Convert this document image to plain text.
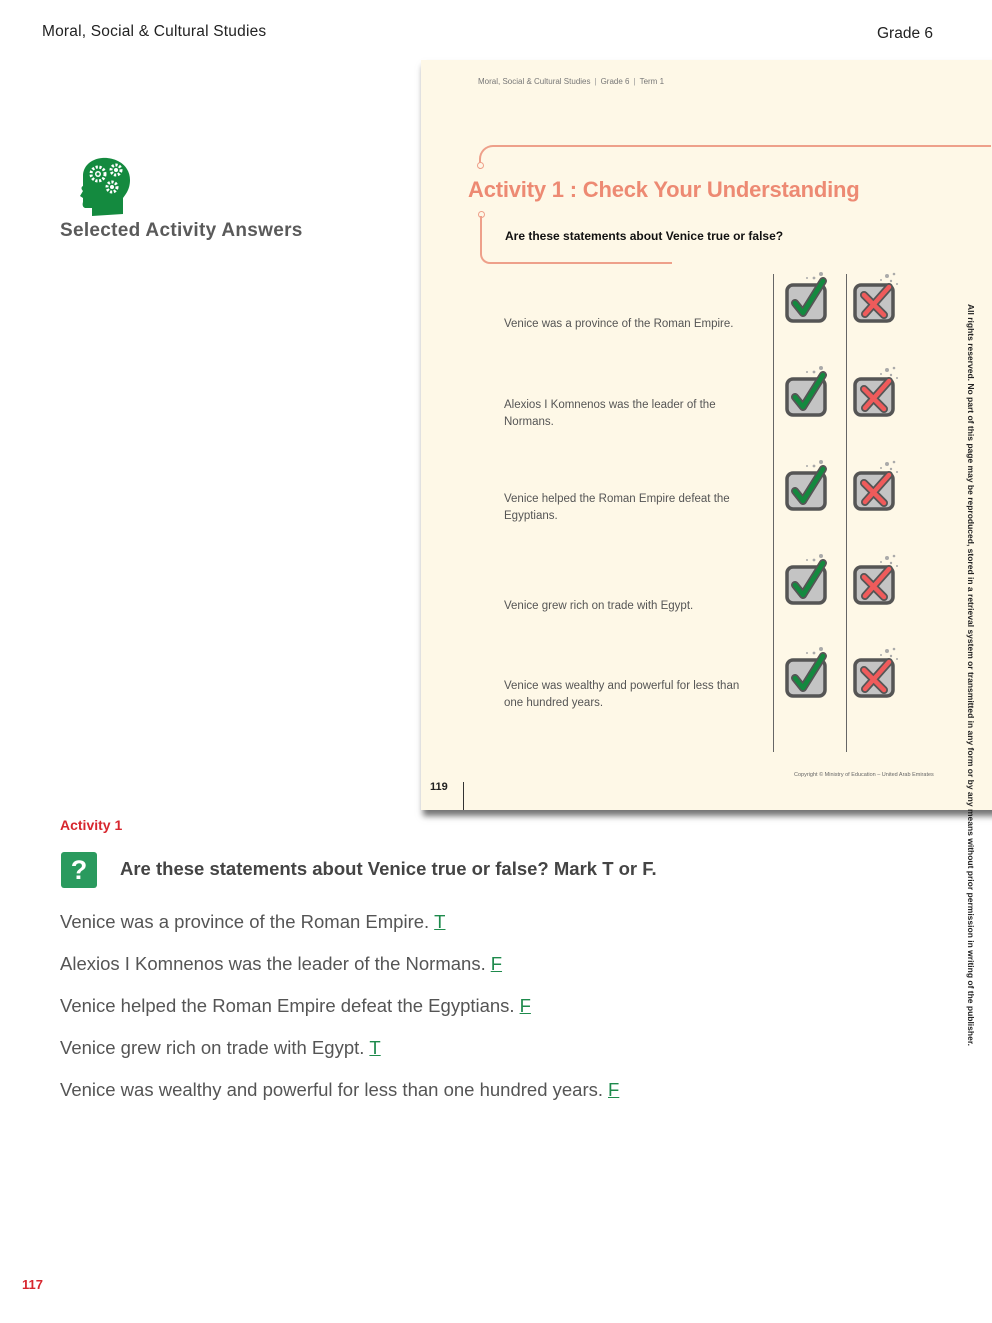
Moral, Social & Cultural Studies	Grade 6
Selected Activity Answers
Moral, Social & Cultural Studies | Grade 6 | Term 1
Activity 1 : Check Your Understanding
Are these statements about Venice true or false?
Venice was a province of the Roman Empire.
Alexios I Komnenos was the leader of the Normans.
Venice helped the Roman Empire defeat the Egyptians.
Venice grew rich on trade with Egypt.
Venice was wealthy and powerful for less than one hundred years.
Copyright © Ministry of Education – United Arab Emirates
119	All rights reserved. No part of this page may be reproduced, stored in a retrieval system or transmitted in any form or by any means without prior permission in writing of the publisher.
Activity 1
?	Are these statements about Venice true or false? Mark T or F.
Venice was a province of the Roman Empire. T
Alexios I Komnenos was the leader of the Normans. F
Venice helped the Roman Empire defeat the Egyptians. F
Venice grew rich on trade with Egypt. T
Venice was wealthy and powerful for less than one hundred years. F
117
